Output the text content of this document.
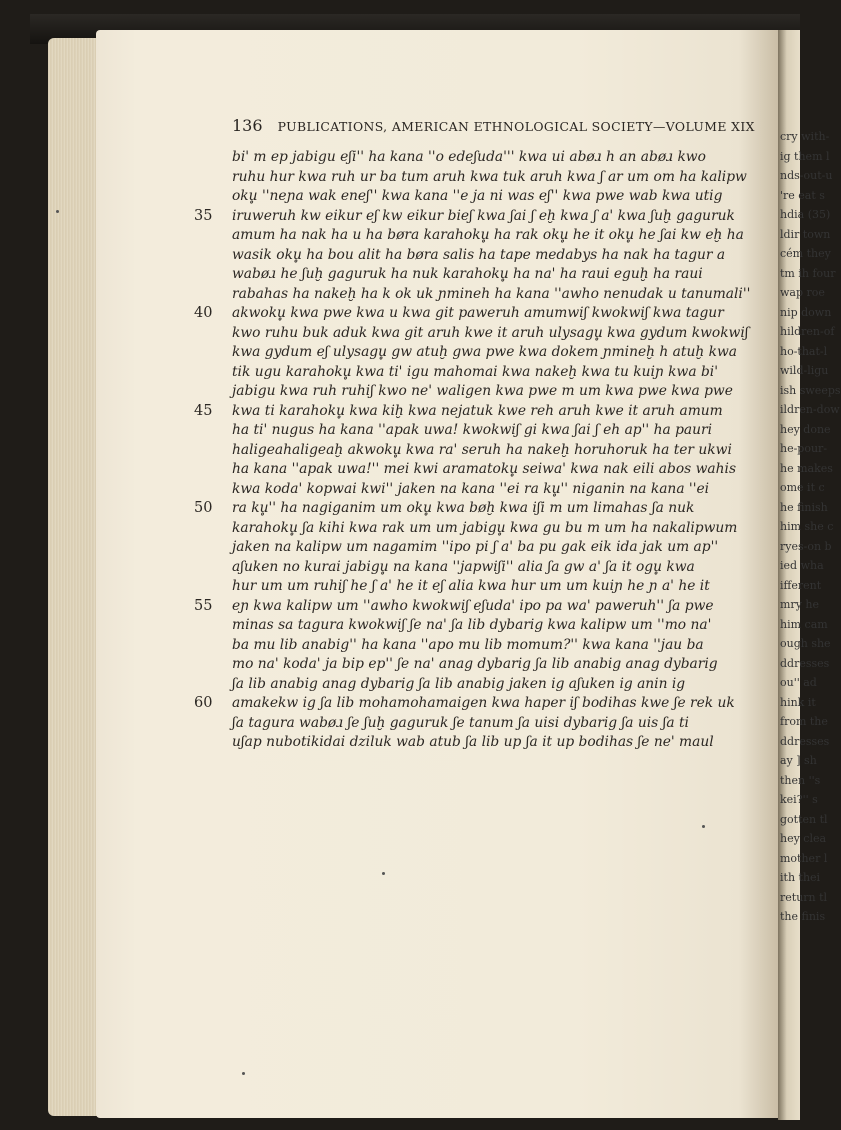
cry with-
ig them l
nds-out-u
're eat s
hdia (35)
ldir town
cém they
tm ih four
wap roe
nip down
hildren-of
ho-that-l
wild-ligu
ish sweeps
ildren-dow
hey done
he-pour-
he makes
ome it c
he finish
him she c
ryes-on b
ied wha
ifferent
mry he
him cam
ough she
ddresses
ou'' ad
hink it
from the
ddresses
ay ] sh
then ''s
kei?'' s
gotten tl
hey clea
mother l
ith thei
return tl
the finis
136 PUBLICATIONS, AMERICAN ETHNOLOGICAL SOCIETY—VOLUME XIX
bi' m ep jabigu eʃi'' ha kana ''o edeʃuda''' kwa ui abøɹ h an abøɹ kwo
ruhu hur kwa ruh ur ba tum aruh kwa tuk aruh kwa ʃ ar um om ha kalipw
oku̥ ''neɲa wak eneʃ'' kwa kana ''e ja ni was eʃ'' kwa pwe wab kwa utig
35 iruweruh kw eikur eʃ kw eikur bieʃ kwa ʃai ʃ eḫ kwa ʃ a' kwa ʃuḫ gaguruk
amum ha nak ha u ha børa karahoku̥ ha rak oku̥ he it oku̥ he ʃai kw eḫ ha
wasik oku̥ ha bou alit ha børa salis ha tape medabys ha nak ha tagur a
wabøɹ he ʃuḫ gaguruk ha nuk karahoku̥ ha na' ha raui eguḫ ha raui
rabahas ha nakeḫ ha k ok uk ɲmineh ha kana ''awho nenudak u tanumali''
40 akwoku̥ kwa pwe kwa u kwa git paweruh amumwiʃ kwokwiʃ kwa tagur
kwo ruhu buk aduk kwa git aruh kwe it aruh ulysagu̥ kwa gydum kwokwiʃ
kwa gydum eʃ ulysagu̥ gw atuḫ gwa pwe kwa dokem ɲmineḫ h atuḫ kwa
tik ugu karahoku̥ kwa ti' igu mahomai kwa nakeḫ kwa tu kuiɲ kwa bi'
jabigu kwa ruh ruhiʃ kwo ne' waligen kwa pwe m um kwa pwe kwa pwe
45 kwa ti karahoku̥ kwa kiḫ kwa nejatuk kwe reh aruh kwe it aruh amum
ha ti' nugus ha kana ''apak uwa! kwokwiʃ gi kwa ʃai ʃ eh ap'' ha pauri
haligeahaligeaḫ akwoku̥ kwa ra' seruh ha nakeḫ horuhoruk ha ter ukwi
ha kana ''apak uwa!'' mei kwi aramatoku̥ seiwa' kwa nak eili abos wahis
kwa koda' kopwai kwi'' jaken na kana ''ei ra ku̥'' niganin na kana ''ei
50 ra ku̥'' ha nagiganim um oku̥ kwa bøḫ kwa iʃi m um limahas ʃa nuk
karahoku̥ ʃa kihi kwa rak um um jabigu̥ kwa gu bu m um ha nakalipwum
jaken na kalipw um nagamim ''ipo pi ʃ a' ba pu gak eik ida jak um ap''
aʃuken no kurai jabigu̥ na kana ''japwiʃi'' alia ʃa gw a' ʃa it ogu̥ kwa
hur um um ruhiʃ he ʃ a' he it eʃ alia kwa hur um um kuiɲ he ɲ a' he it
55 eɲ kwa kalipw um ''awho kwokwiʃ eʃuda' ipo pa wa' paweruh'' ʃa pwe
minas sa tagura kwokwiʃ ʃe na' ʃa lib dybarig kwa kalipw um ''mo na'
ba mu lib anabig'' ha kana ''apo mu lib momum?'' kwa kana ''jau ba
mo na' koda' ja bip ep'' ʃe na' anag dybarig ʃa lib anabig anag dybarig
ʃa lib anabig anag dybarig ʃa lib anabig jaken ig aʃuken ig anin ig
60 amakekw ig ʃa lib mohamohamaigen kwa haper iʃ bodihas kwe ʃe rek uk
ʃa tagura wabøɹ ʃe ʃuḫ gaguruk ʃe tanum ʃa uisi dybarig ʃa uis ʃa ti
uʃap nubotikidai dziluk wab atub ʃa lib up ʃa it up bodihas ʃe ne' maul
